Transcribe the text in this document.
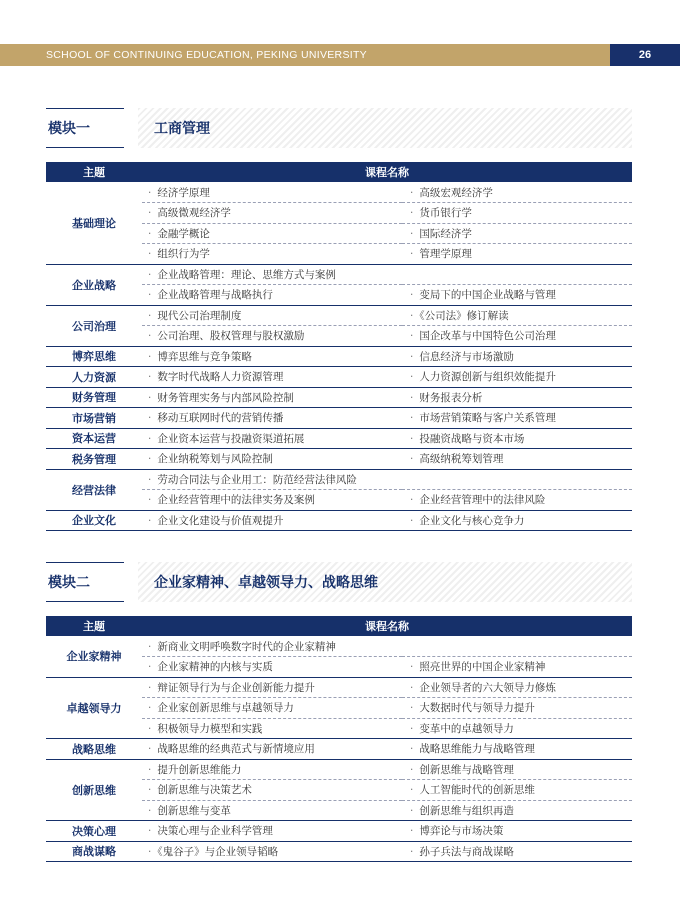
SCHOOL OF CONTINUING EDUCATION, PEKING UNIVERSITY	26
模块一	工商管理
主题	课程名称	
基础理论	· 经济学原理	· 高级宏观经济学
	· 高级微观经济学	· 货币银行学
	· 金融学概论	· 国际经济学
	· 组织行为学	· 管理学原理
企业战略	· 企业战略管理：理论、思维方式与案例	
	· 企业战略管理与战略执行	· 变局下的中国企业战略与管理
公司治理	· 现代公司治理制度	· 《公司法》修订解读
	· 公司治理、股权管理与股权激励	· 国企改革与中国特色公司治理
博弈思维	· 博弈思维与竞争策略	· 信息经济与市场激励
人力资源	· 数字时代战略人力资源管理	· 人力资源创新与组织效能提升
财务管理	· 财务管理实务与内部风险控制	· 财务报表分析
市场营销	· 移动互联网时代的营销传播	· 市场营销策略与客户关系管理
资本运营	· 企业资本运营与投融资渠道拓展	· 投融资战略与资本市场
税务管理	· 企业纳税筹划与风险控制	· 高级纳税筹划管理
经营法律	· 劳动合同法与企业用工：防范经营法律风险	
	· 企业经营管理中的法律实务及案例	· 企业经营管理中的法律风险
企业文化	· 企业文化建设与价值观提升	· 企业文化与核心竞争力
模块二	企业家精神、卓越领导力、战略思维
主题	课程名称	
企业家精神	· 新商业文明呼唤数字时代的企业家精神	
	· 企业家精神的内核与实质	· 照亮世界的中国企业家精神
卓越领导力	· 辩证领导行为与企业创新能力提升	· 企业领导者的六大领导力修炼
	· 企业家创新思维与卓越领导力	· 大数据时代与领导力提升
	· 积极领导力模型和实践	· 变革中的卓越领导力
战略思维	· 战略思维的经典范式与新情境应用	· 战略思维能力与战略管理
创新思维	· 提升创新思维能力	· 创新思维与战略管理
	· 创新思维与决策艺术	· 人工智能时代的创新思维
	· 创新思维与变革	· 创新思维与组织再造
决策心理	· 决策心理与企业科学管理	· 博弈论与市场决策
商战谋略	· 《鬼谷子》与企业领导韬略	· 孙子兵法与商战谋略
